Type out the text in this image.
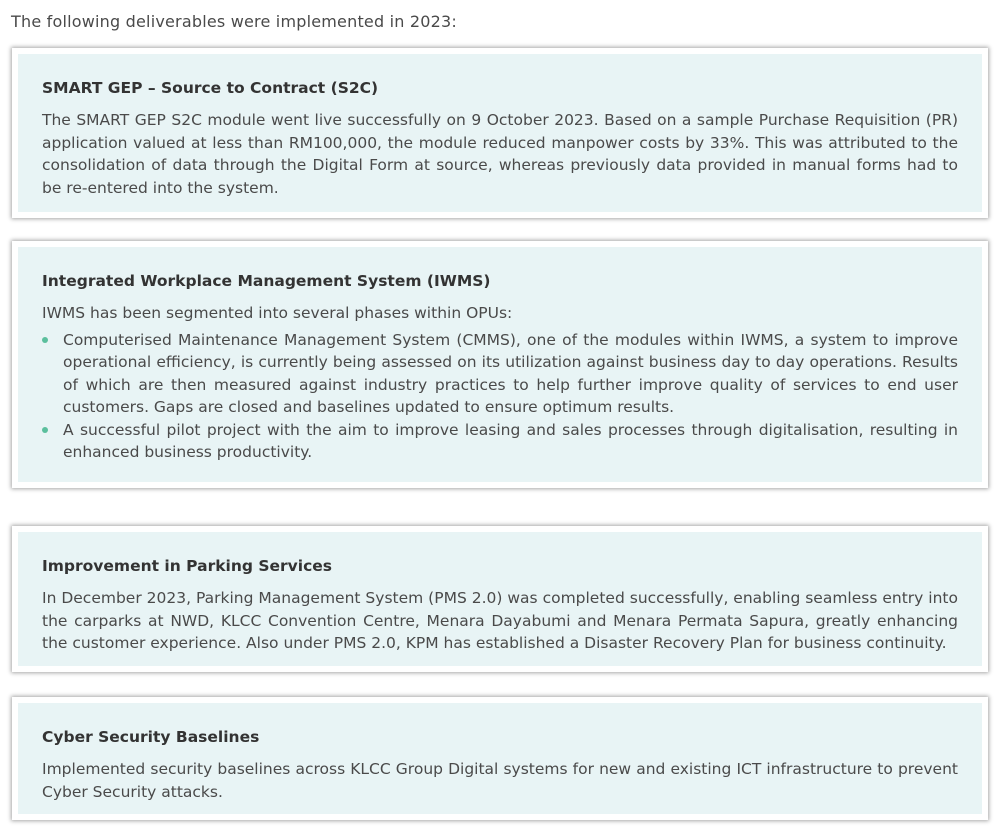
The following deliverables were implemented in 2023:

SMART GEP – Source to Contract (S2C)

The SMART GEP S2C module went live successfully on 9 October 2023. Based on a sample Purchase Requisition (PR) application valued at less than RM100,000, the module reduced manpower costs by 33%. This was attributed to the consolidation of data through the Digital Form at source, whereas previously data provided in manual forms had to be re-entered into the system.

Integrated Workplace Management System (IWMS)

IWMS has been segmented into several phases within OPUs:

Computerised Maintenance Management System (CMMS), one of the modules within IWMS, a system to improve operational efficiency, is currently being assessed on its utilization against business day to day operations. Results of which are then measured against industry practices to help further improve quality of services to end user customers. Gaps are closed and baselines updated to ensure optimum results.
A successful pilot project with the aim to improve leasing and sales processes through digitalisation, resulting in enhanced business productivity.

Improvement in Parking Services

In December 2023, Parking Management System (PMS 2.0) was completed successfully, enabling seamless entry into the carparks at NWD, KLCC Convention Centre, Menara Dayabumi and Menara Permata Sapura, greatly enhancing the customer experience. Also under PMS 2.0, KPM has established a Disaster Recovery Plan for business continuity.

Cyber Security Baselines

Implemented security baselines across KLCC Group Digital systems for new and existing ICT infrastructure to prevent Cyber Security attacks.
